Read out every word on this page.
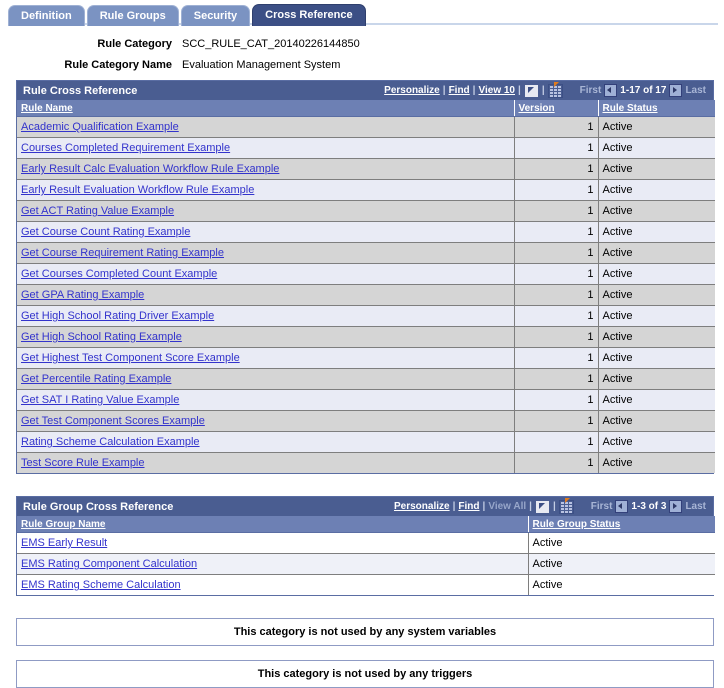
Definition	Rule Groups	Security	Cross Reference
Rule Category SCC_RULE_CAT_20140226144850
Rule Category Name Evaluation Management System
Rule Cross Reference	Personalize | Find | View 10 |	|	First	1-17 of 17	Last
Rule Name	Version	Rule Status
Academic Qualification Example	1	Active
Courses Completed Requirement Example	1	Active
Early Result Calc Evaluation Workflow Rule Example	1	Active
Early Result Evaluation Workflow Rule Example	1	Active
Get ACT Rating Value Example	1	Active
Get Course Count Rating Example	1	Active
Get Course Requirement Rating Example	1	Active
Get Courses Completed Count Example	1	Active
Get GPA Rating Example	1	Active
Get High School Rating Driver Example	1	Active
Get High School Rating Example	1	Active
Get Highest Test Component Score Example	1	Active
Get Percentile Rating Example	1	Active
Get SAT I Rating Value Example	1	Active
Get Test Component Scores Example	1	Active
Rating Scheme Calculation Example	1	Active
Test Score Rule Example	1	Active
Rule Group Cross Reference	Personalize | Find | View All |	|	First	1-3 of 3	Last
Rule Group Name	Rule Group Status
EMS Early Result	Active
EMS Rating Component Calculation	Active
EMS Rating Scheme Calculation	Active
This category is not used by any system variables
This category is not used by any triggers
